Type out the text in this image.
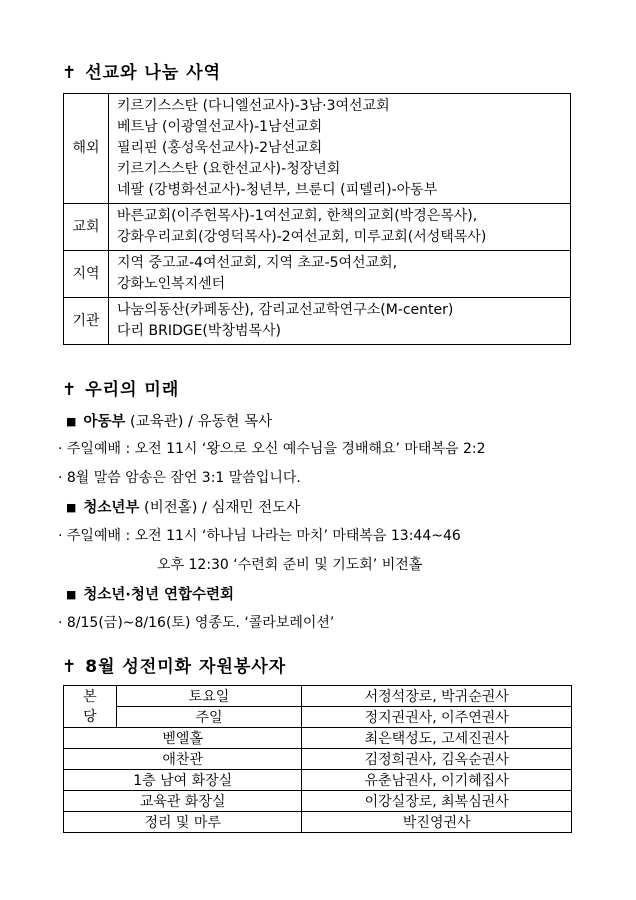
✝ 선교와 나눔 사역
해외	키르기스스탄 (다니엘선교사)-3남·3여선교회
베트남 (이광열선교사)-1남선교회
필리핀 (홍성욱선교사)-2남선교회
키르기스스탄 (요한선교사)-청장년회
네팔 (강병화선교사)-청년부, 브룬디 (피델리)-아동부

교회	바른교회(이주헌목사)-1여선교회, 한책의교회(박경은목사),
강화우리교회(강영덕목사)-2여선교회, 미루교회(서성택목사)

지역	지역 중고교-4여선교회, 지역 초교-5여선교회,
강화노인복지센터

기관	나눔의동산(카페동산), 감리교선교학연구소(M-center)
다리 BRIDGE(박창범목사)
✝ 우리의 미래
■ 아동부 (교육관) / 유동현 목사
· 주일예배 : 오전 11시 ‘왕으로 오신 예수님을 경배해요’ 마태복음 2:2
· 8월 말씀 암송은 잠언 3:1 말씀입니다.
■ 청소년부 (비전홀) / 심재민 전도사
· 주일예배 : 오전 11시 ‘하나님 나라는 마치’ 마태복음 13:44~46
오후 12:30 ‘수련회 준비 및 기도회’ 비전홀
■ 청소년·청년 연합수련회
· 8/15(금)~8/16(토) 영종도. ‘콜라보레이션’
✝ 8월 성전미화 자원봉사자
본
당	토요일	서정석장로, 박귀순권사
	주일	정지권권사, 이주연권사
벧엘홀		최은택성도, 고세진권사
애찬관		김정희권사, 김옥순권사
1층 남여 화장실		유춘남권사, 이기혜집사
교육관 화장실		이강실장로, 최복심권사
정리 및 마루		박진영권사
